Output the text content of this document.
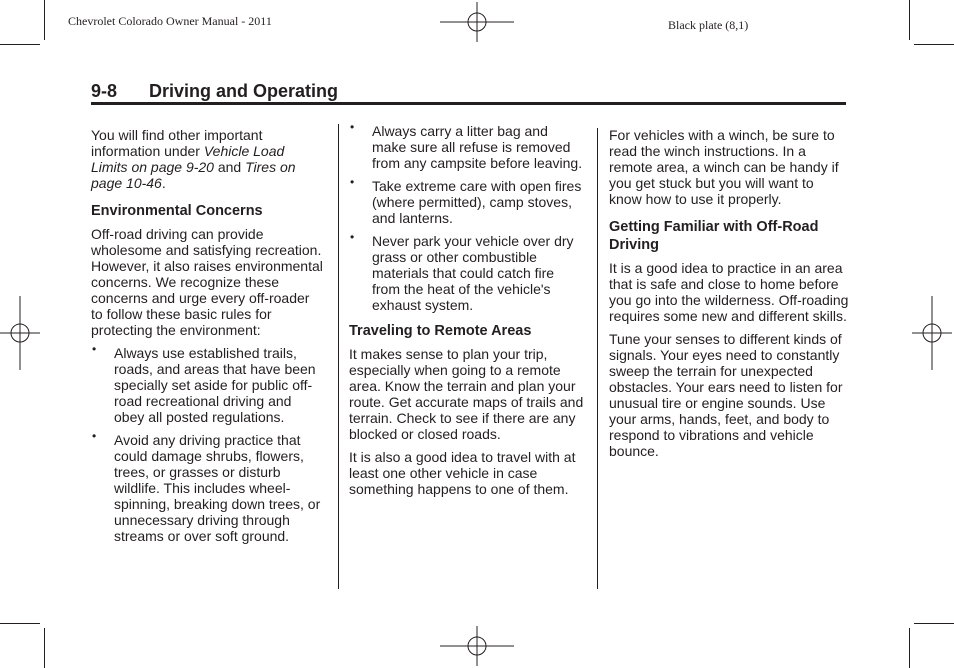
Chevrolet Colorado Owner Manual - 2011	Black plate (8,1)
9-8 Driving and Operating

You will find other important information under Vehicle Load Limits on page 9-20 and Tires on page 10-46.

Environmental Concerns

Off-road driving can provide wholesome and satisfying recreation. However, it also raises environmental concerns. We recognize these concerns and urge every off-roader to follow these basic rules for protecting the environment:

• Always use established trails, roads, and areas that have been specially set aside for public off-road recreational driving and obey all posted regulations.
• Avoid any driving practice that could damage shrubs, flowers, trees, or grasses or disturb wildlife. This includes wheel-spinning, breaking down trees, or unnecessary driving through streams or over soft ground.
• Always carry a litter bag and make sure all refuse is removed from any campsite before leaving.
• Take extreme care with open fires (where permitted), camp stoves, and lanterns.
• Never park your vehicle over dry grass or other combustible materials that could catch fire from the heat of the vehicle's exhaust system.
Traveling to Remote Areas

It makes sense to plan your trip, especially when going to a remote area. Know the terrain and plan your route. Get accurate maps of trails and terrain. Check to see if there are any blocked or closed roads.

It is also a good idea to travel with at least one other vehicle in case something happens to one of them.

For vehicles with a winch, be sure to read the winch instructions. In a remote area, a winch can be handy if you get stuck but you will want to know how to use it properly.

Getting Familiar with Off-Road Driving

It is a good idea to practice in an area that is safe and close to home before you go into the wilderness. Off-roading requires some new and different skills.

Tune your senses to different kinds of signals. Your eyes need to constantly sweep the terrain for unexpected obstacles. Your ears need to listen for unusual tire or engine sounds. Use your arms, hands, feet, and body to respond to vibrations and vehicle bounce.
